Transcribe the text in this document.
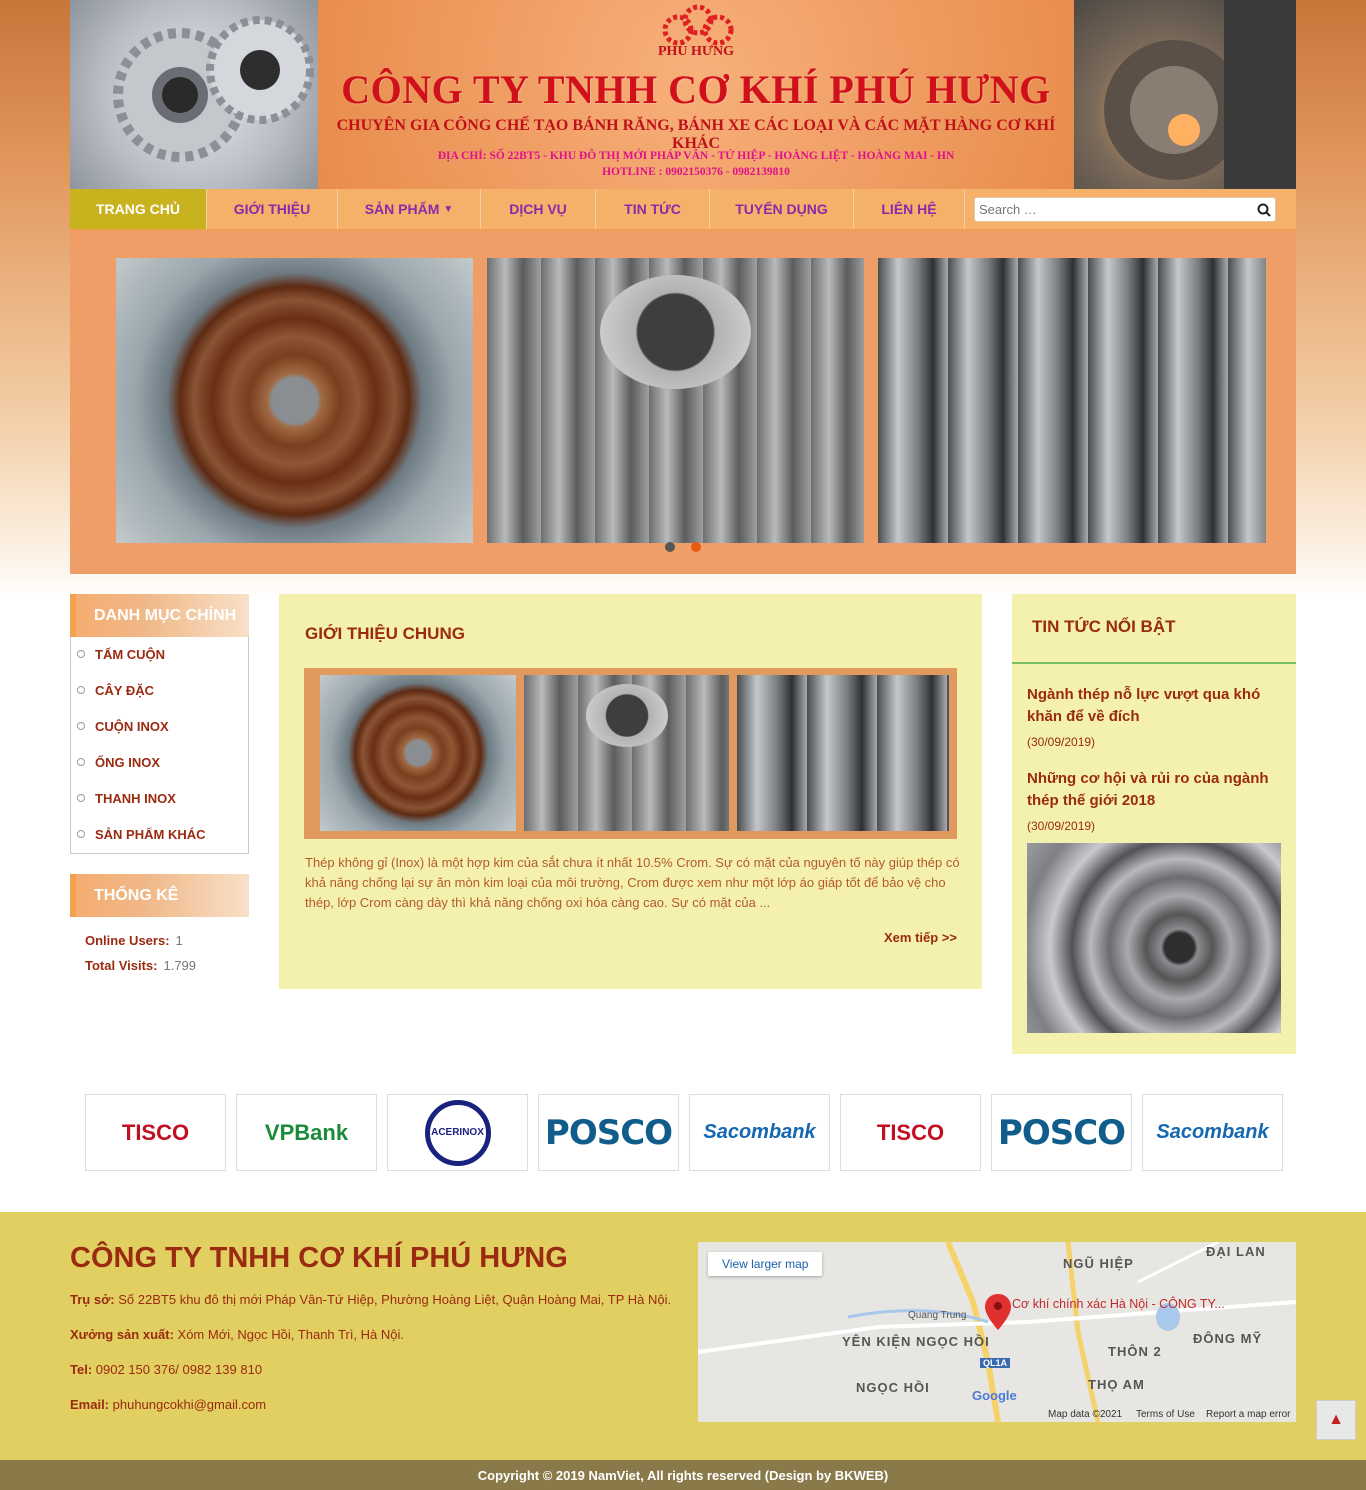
PHÚ HƯNG
CÔNG TY TNHH CƠ KHÍ PHÚ HƯNG
CHUYÊN GIA CÔNG CHẾ TẠO BÁNH RĂNG, BÁNH XE CÁC LOẠI VÀ CÁC MẶT HÀNG CƠ KHÍ KHÁC
ĐỊA CHỈ: SỐ 22BT5 - KHU ĐÔ THỊ MỚI PHÁP VÂN - TỨ HIỆP - HOÀNG LIỆT - HOÀNG MAI - HN
HOTLINE : 0902150376 - 0982139810
TRANG CHỦ	GIỚI THIỆU	SẢN PHẨM ▼	DỊCH VỤ	TIN TỨC	TUYỂN DỤNG	LIÊN HỆ
Search …

DANH MỤC CHÍNH
TẤM CUỘN
CÂY ĐẶC
CUỘN INOX
ỐNG INOX
THANH INOX
SẢN PHẨM KHÁC
THỐNG KÊ
Online Users: 1
Total Visits: 1.799
GIỚI THIỆU CHUNG
Thép không gỉ (Inox) là một hợp kim của sắt chưa ít nhất 10.5% Crom. Sự có mặt của nguyên tố này giúp thép có khả năng chống lại sự ăn mòn kim loại của môi trường, Crom được xem như một lớp áo giáp tốt để bảo vệ cho thép, lớp Crom càng dày thì khả năng chống oxi hóa càng cao. Sự có mặt của ...
Xem tiếp >>
TIN TỨC NỔI BẬT
Ngành thép nỗ lực vượt qua khó khăn để về đích
(30/09/2019)
Những cơ hội và rủi ro của ngành thép thế giới 2018
(30/09/2019)
TISCO	VPBank	ACERINOX POSCO Sacombank	TISCO POSCO Sacombank
CÔNG TY TNHH CƠ KHÍ PHÚ HƯNG
Trụ sở: Số 22BT5 khu đô thị mới Pháp Vân-Tứ Hiệp, Phường Hoàng Liệt, Quận Hoàng Mai, TP Hà Nội.
Xưởng sản xuất: Xóm Mới, Ngọc Hồi, Thanh Trì, Hà Nội.
Tel: 0902 150 376/ 0982 139 810
Email: phuhungcokhi@gmail.com
View larger map
Cơ khí chính xác Hà Nội - CÔNG TY...
ĐẠI LAN
NGŨ HIỆP
YÊN KIỆN NGỌC HỒI	ĐÔNG MỸ
THÔN 2
NGỌC HỒI	THỌ AM
Quang Trung
QL1A
Google
Map data ©2021 Terms of Use Report a map error ▲
Copyright © 2019 NamViet, All rights reserved (Design by BKWEB)
